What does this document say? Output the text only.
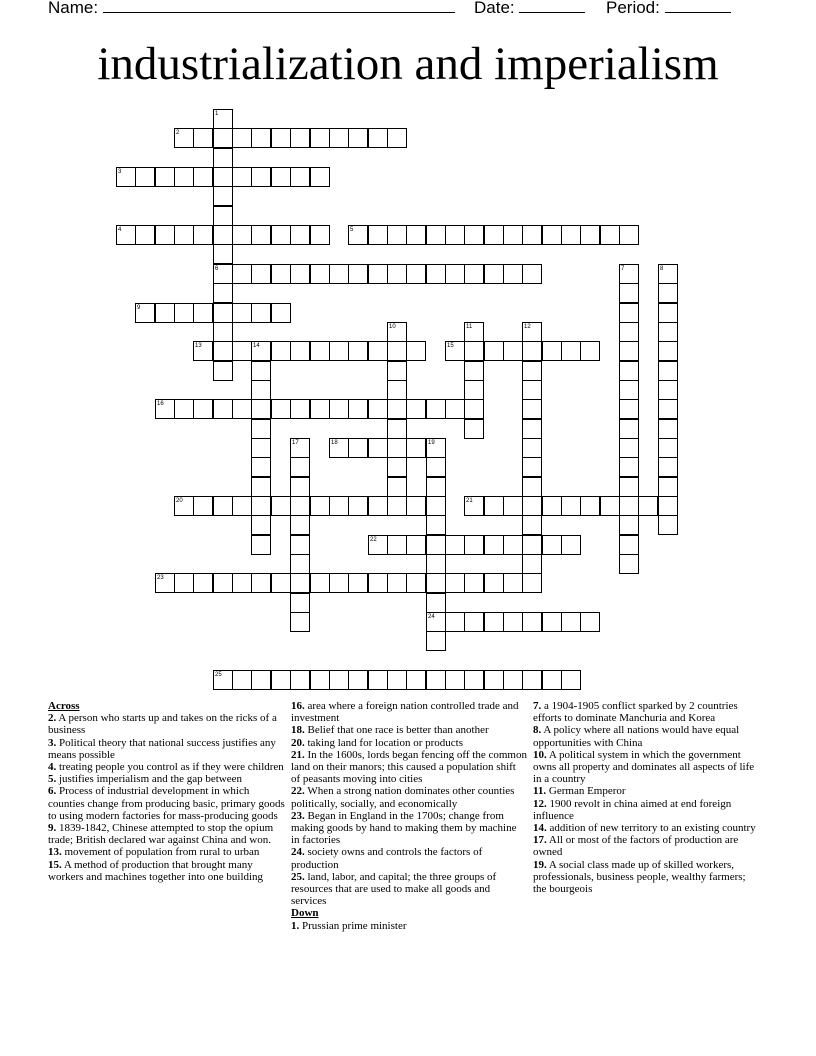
Name:	Date:	Period:
industrialization and imperialism
1
2
3
4	5
6	7	8
9
10	11	12
13	14	15
16
17	18	19
20	21
22
23
24
25
Across

2. A person who starts up and takes on the ricks of a business

3. Political theory that national success justifies any means possible

4. treating people you control as if they were children

5. justifies imperialism and the gap between

6. Process of industrial development in which counties change from producing basic, primary goods to using modern factories for mass-producing goods

9. 1839-1842, Chinese attempted to stop the opium trade; British declared war against China and won.

13. movement of population from rural to urban

15. A method of production that brought many workers and machines together into one building

16. area where a foreign nation controlled trade and investment

18. Belief that one race is better than another

20. taking land for location or products

21. In the 1600s, lords began fencing off the common land on their manors; this caused a population shift of peasants moving into cities

22. When a strong nation dominates other counties politically, socially, and economically

23. Began in England in the 1700s; change from making goods by hand to making them by machine in factories

24. society owns and controls the factors of production

25. land, labor, and capital; the three groups of resources that are used to make all goods and services

Down

1. Prussian prime minister

7. a 1904-1905 conflict sparked by 2 countries efforts to dominate Manchuria and Korea

8. A policy where all nations would have equal opportunities with China

10. A political system in which the government owns all property and dominates all aspects of life in a country

11. German Emperor

12. 1900 revolt in china aimed at end foreign influence

14. addition of new territory to an existing country

17. All or most of the factors of production are owned

19. A social class made up of skilled workers, professionals, business people, wealthy farmers; the bourgeois
